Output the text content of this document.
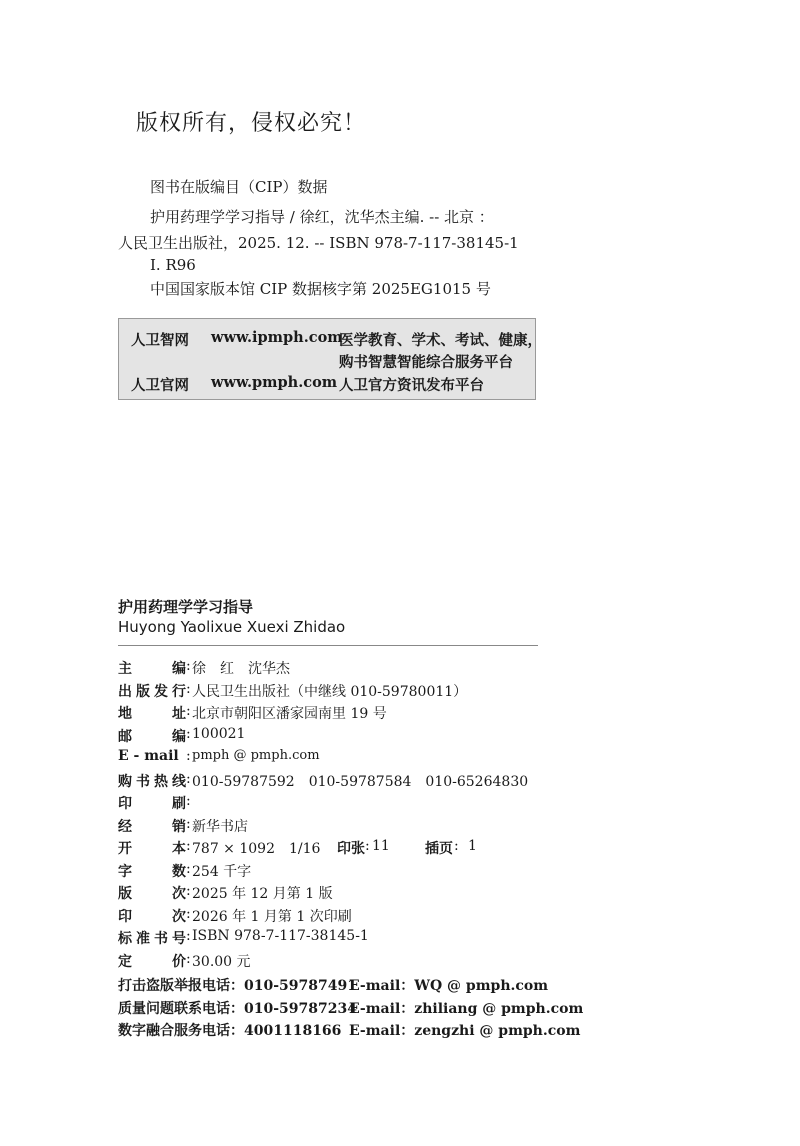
版权所有，侵权必究！
图书在版编目（CIP）数据
护用药理学学习指导 / 徐红，沈华杰主编. -- 北京 ：
人民卫生出版社，2025. 12. -- ISBN 978-7-117-38145-1
Ⅰ. R96
中国国家版本馆 CIP 数据核字第 2025EG1015 号
人卫智网 www.ipmph.com
医学教育、学术、考试、健康，
购书智慧智能综合服务平台
人卫官网 www.pmph.com 人卫官方资讯发布平台
护用药理学学习指导
Huyong Yaolixue Xuexi Zhidao
主编 : 徐　红　沈华杰
出版发行 : 人民卫生出版社（中继线 010-59780011）
地址 : 北京市朝阳区潘家园南里 19 号
邮编 : 100021
E - mail : pmph @ pmph.com
购书热线 : 010-59787592　010-59787584　010-65264830
印刷 :
经销 : 新华书店
开本 : 787 × 1092　1/16 印张 : 11	插页 : 1
字数 : 254 千字
版次 : 2025 年 12 月第 1 版
印次 : 2026 年 1 月第 1 次印刷
标准书号 : ISBN 978-7-117-38145-1
定价 : 30.00 元
打击盗版举报电话：010-59787491
E-mail：WQ @ pmph.com
质量问题联系电话：010-59787234
E-mail：zhiliang @ pmph.com
数字融合服务电话：4001118166 E-mail：zengzhi @ pmph.com
